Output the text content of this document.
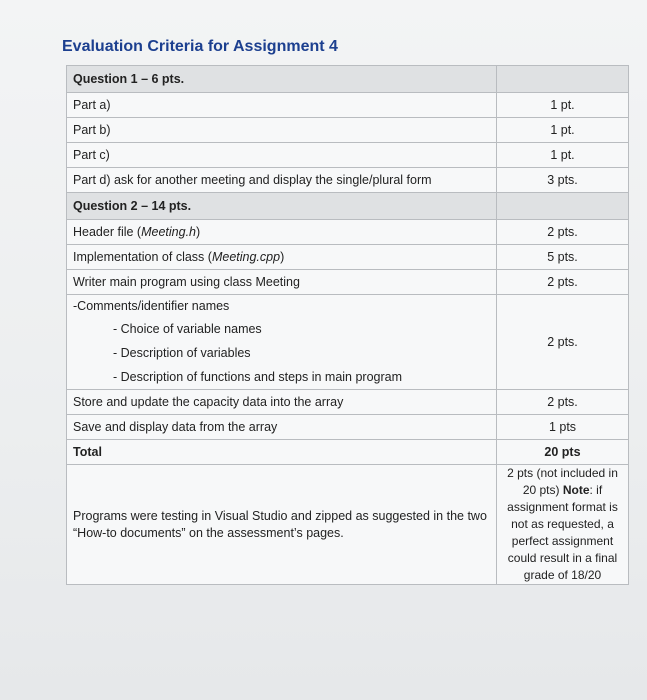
Evaluation Criteria for Assignment 4
Question 1 – 6 pts.	
Part a)	1 pt.
Part b)	1 pt.
Part c)	1 pt.
Part d) ask for another meeting and display the single/plural form	3 pts.
Question 2 – 14 pts.	
Header file (Meeting.h)	2 pts.
Implementation of class (Meeting.cpp)	5 pts.
Writer main program using class Meeting	2 pts.

-Comments/identifier names
- Choice of variable names
- Description of variables
- Description of functions and steps in main program	2 pts.
Store and update the capacity data into the array	2 pts.
Save and display data from the array	1 pts
Total	20 pts
Programs were testing in Visual Studio and zipped as suggested in the two “How-to documents” on the assessment’s pages.	2 pts (not included in 20 pts) Note: if assignment format is not as requested, a perfect assignment could result in a final grade of 18/20
